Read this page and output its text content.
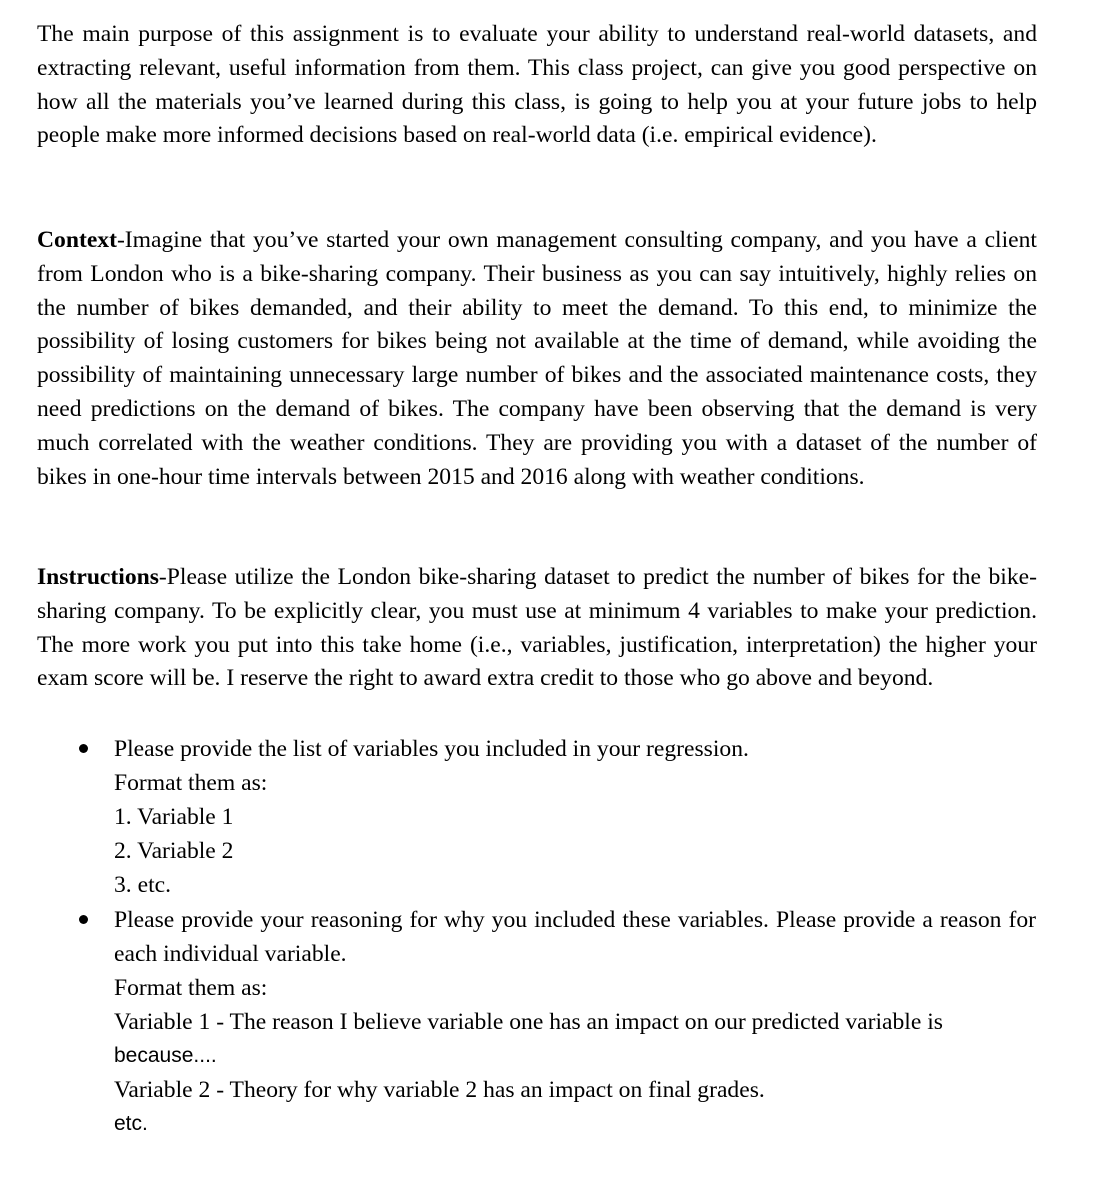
The main purpose of this assignment is to evaluate your ability to understand real-world datasets, and extracting relevant, useful information from them. This class project, can give you good perspective on how all the materials you’ve learned during this class, is going to help you at your future jobs to help people make more informed decisions based on real-world data (i.e. empirical evidence).

Context-Imagine that you’ve started your own management consulting company, and you have a client from London who is a bike-sharing company. Their business as you can say intuitively, highly relies on the number of bikes demanded, and their ability to meet the demand. To this end, to minimize the possibility of losing customers for bikes being not available at the time of demand, while avoiding the possibility of maintaining unnecessary large number of bikes and the associated maintenance costs, they need predictions on the demand of bikes. The company have been observing that the demand is very much correlated with the weather conditions. They are providing you with a dataset of the number of bikes in one-hour time intervals between 2015 and 2016 along with weather conditions.

Instructions-Please utilize the London bike-sharing dataset to predict the number of bikes for the bike-sharing company. To be explicitly clear, you must use at minimum 4 variables to make your prediction. The more work you put into this take home (i.e., variables, justification, interpretation) the higher your exam score will be. I reserve the right to award extra credit to those who go above and beyond.

Please provide the list of variables you included in your regression.
Format them as:
1. Variable 1
2. Variable 2
3. etc.
Please provide your reasoning for why you included these variables. Please provide a reason for each individual variable.
Format them as:
Variable 1 - The reason I believe variable one has an impact on our predicted variable is
because....
Variable 2 - Theory for why variable 2 has an impact on final grades.
etc.
